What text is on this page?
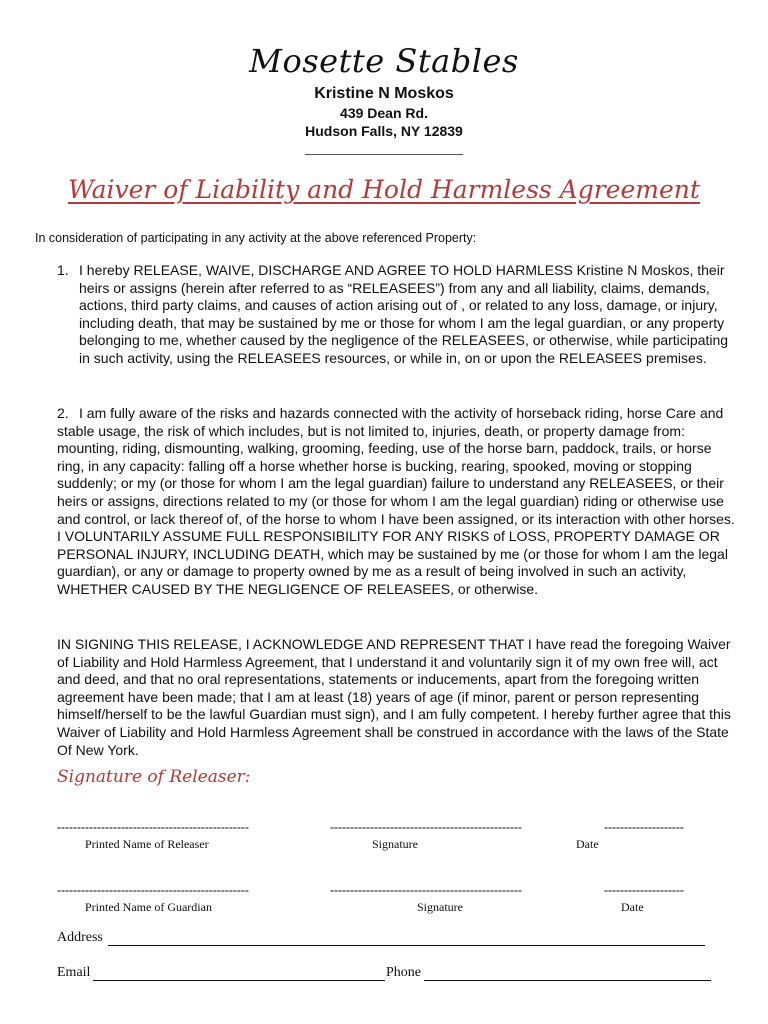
Mosette Stables
Kristine N Moskos
439 Dean Rd.
Hudson Falls, NY 12839
Waiver of Liability and Hold Harmless Agreement
In consideration of participating in any activity at the above referenced Property:
1. I hereby RELEASE, WAIVE, DISCHARGE AND AGREE TO HOLD HARMLESS Kristine N Moskos, their heirs or assigns (herein after referred to as “RELEASEES”) from any and all liability, claims, demands, actions, third party claims, and causes of action arising out of , or related to any loss, damage, or injury, including death, that may be sustained by me or those for whom I am the legal guardian, or any property belonging to me, whether caused by the negligence of the RELEASEES, or otherwise, while participating in such activity, using the RELEASEES resources, or while in, on or upon the RELEASEES premises.
2. I am fully aware of the risks and hazards connected with the activity of horseback riding, horse Care and stable usage, the risk of which includes, but is not limited to, injuries, death, or property damage from: mounting, riding, dismounting, walking, grooming, feeding, use of the horse barn, paddock, trails, or horse ring, in any capacity: falling off a horse whether horse is bucking, rearing, spooked, moving or stopping suddenly; or my (or those for whom I am the legal guardian) failure to understand any RELEASEES, or their heirs or assigns, directions related to my (or those for whom I am the legal guardian) riding or otherwise use and control, or lack thereof of, of the horse to whom I have been assigned, or its interaction with other horses. I VOLUNTARILY ASSUME FULL RESPONSIBILITY FOR ANY RISKS of LOSS, PROPERTY DAMAGE OR PERSONAL INJURY, INCLUDING DEATH, which may be sustained by me (or those for whom I am the legal guardian), or any or damage to property owned by me as a result of being involved in such an activity, WHETHER CAUSED BY THE NEGLIGENCE OF RELEASEES, or otherwise.
IN SIGNING THIS RELEASE, I ACKNOWLEDGE AND REPRESENT THAT I have read the foregoing Waiver of Liability and Hold Harmless Agreement, that I understand it and voluntarily sign it of my own free will, act and deed, and that no oral representations, statements or inducements, apart from the foregoing written agreement have been made; that I am at least (18) years of age (if minor, parent or person representing himself/herself to be the lawful Guardian must sign), and I am fully competent. I hereby further agree that this Waiver of Liability and Hold Harmless Agreement shall be construed in accordance with the laws of the State Of New York.
Signature of Releaser:
------------------------------------------------	------------------------------------------------	--------------------
Printed Name of Releaser	Signature	Date
------------------------------------------------	------------------------------------------------	--------------------
Printed Name of Guardian	Signature	Date
Address
Email	Phone
